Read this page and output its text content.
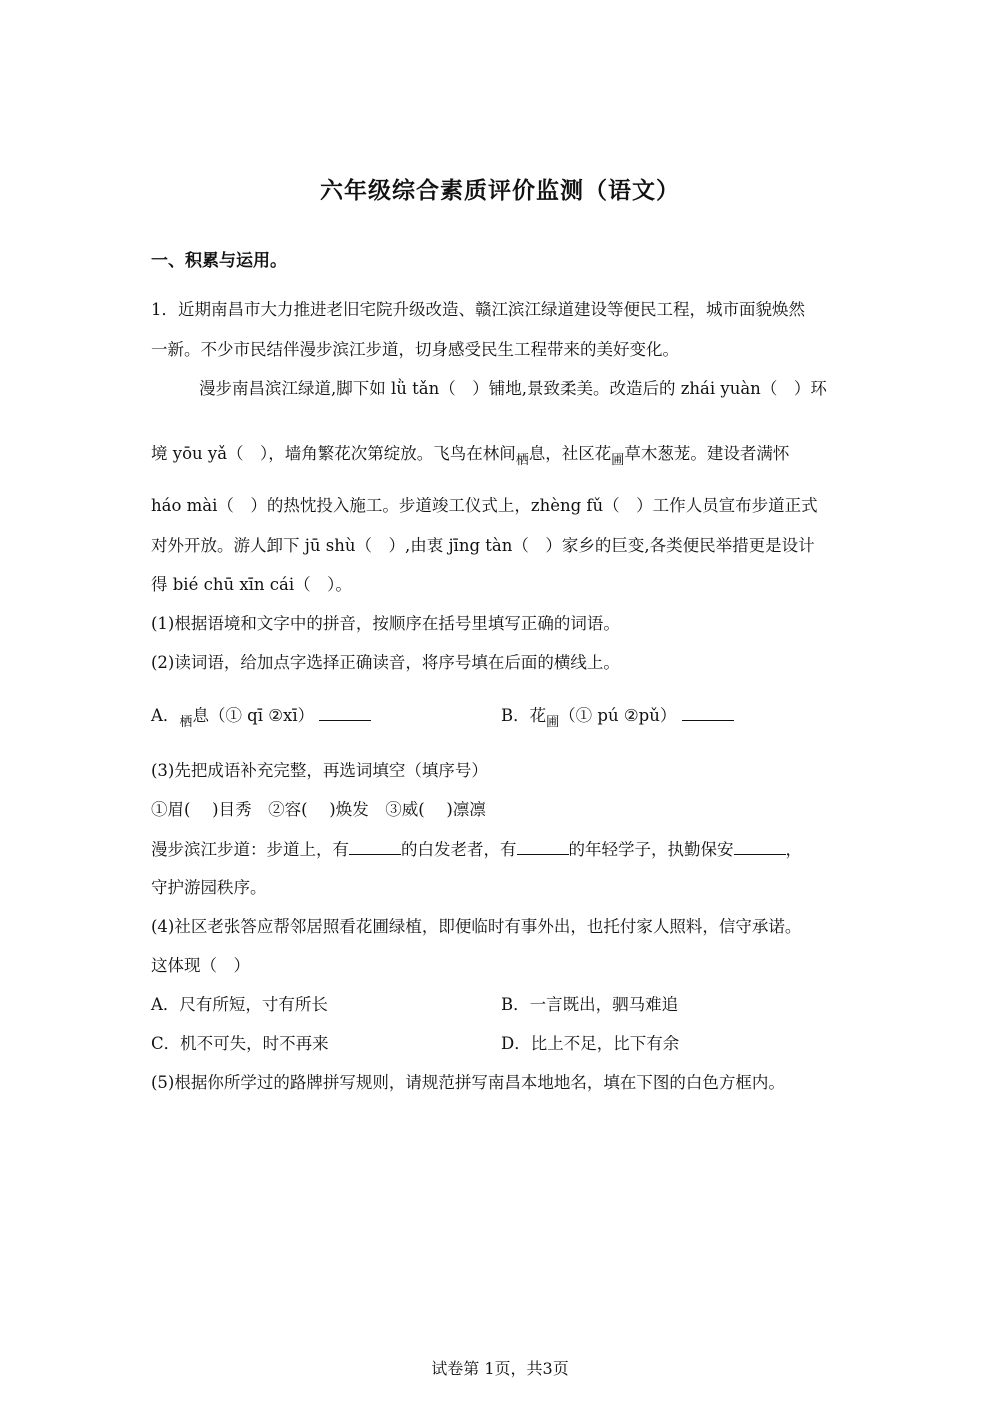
六年级综合素质评价监测（语文）
一、积累与运用。
1．近期南昌市大力推进老旧宅院升级改造、赣江滨江绿道建设等便民工程，城市面貌焕然
一新。不少市民结伴漫步滨江步道，切身感受民生工程带来的美好变化。
漫步南昌滨江绿道,脚下如 lǜ tǎn（　）铺地,景致柔美。改造后的 zhái yuàn（　）环
境 yōu yǎ（　），墙角繁花次第绽放。飞鸟在林间$_栖$息，社区花$_圃$草木葱茏。建设者满怀
háo mài（　）的热忱投入施工。步道竣工仪式上，zhèng fǔ（　）工作人员宣布步道正式
对外开放。游人卸下 jū shù（　）,由衷 jīng tàn（　）家乡的巨变,各类便民举措更是设计
得 bié chū xīn cái（　）。
(1)根据语境和文字中的拼音，按顺序在括号里填写正确的词语。
(2)读词语，给加点字选择正确读音，将序号填在后面的横线上。
A．$_栖$息（① qī ②xī）	B．花$_圃$（① pú ②pǔ）
(3)先把成语补充完整，再选词填空（填序号）
①眉(　 )目秀　②容(　 )焕发　③威(　 )凛凛
漫步滨江步道：步道上，有	的白发老者，有	的年轻学子，执勤保安	，
守护游园秩序。
(4)社区老张答应帮邻居照看花圃绿植，即便临时有事外出，也托付家人照料，信守承诺。
这体现（　）
A．尺有所短，寸有所长	B．一言既出，驷马难追
C．机不可失，时不再来	D．比上不足，比下有余
(5)根据你所学过的路牌拼写规则，请规范拼写南昌本地地名，填在下图的白色方框内。
试卷第 1页，共3页
